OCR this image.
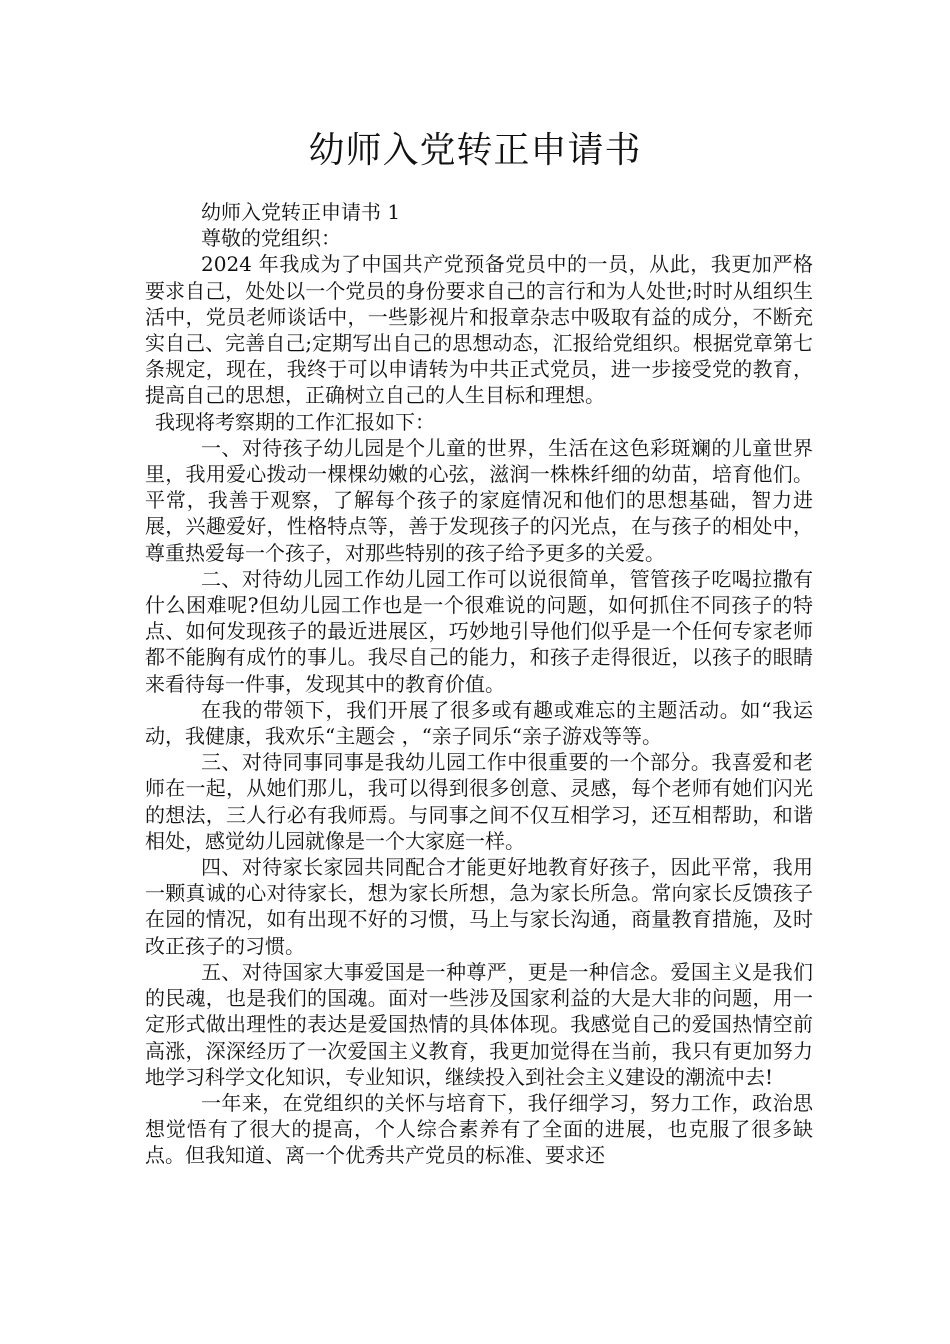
幼师入党转正申请书

幼师入党转正申请书 1

尊敬的党组织：

2024 年我成为了中国共产党预备党员中的一员，从此，我更加严格要求自己，处处以一个党员的身份要求自己的言行和为人处世;时时从组织生活中，党员老师谈话中，一些影视片和报章杂志中吸取有益的成分，不断充实自己、完善自己;定期写出自己的思想动态，汇报给党组织。根据党章第七条规定，现在，我终于可以申请转为中共正式党员，进一步接受党的教育，提高自己的思想，正确树立自己的人生目标和理想。

我现将考察期的工作汇报如下：

一、对待孩子幼儿园是个儿童的世界，生活在这色彩斑斓的儿童世界里，我用爱心拨动一棵棵幼嫩的心弦，滋润一株株纤细的幼苗，培育他们。平常，我善于观察，了解每个孩子的家庭情况和他们的思想基础，智力进展，兴趣爱好，性格特点等，善于发现孩子的闪光点，在与孩子的相处中，尊重热爱每一个孩子，对那些特别的孩子给予更多的关爱。

二、对待幼儿园工作幼儿园工作可以说很简单，管管孩子吃喝拉撒有什么困难呢?但幼儿园工作也是一个很难说的问题，如何抓住不同孩子的特点、如何发现孩子的最近进展区，巧妙地引导他们似乎是一个任何专家老师都不能胸有成竹的事儿。我尽自己的能力，和孩子走得很近，以孩子的眼睛来看待每一件事，发现其中的教育价值。

在我的带领下，我们开展了很多或有趣或难忘的主题活动。如“我运动，我健康，我欢乐“主题会 ，“亲子同乐“亲子游戏等等。

三、对待同事同事是我幼儿园工作中很重要的一个部分。我喜爱和老师在一起，从她们那儿，我可以得到很多创意、灵感，每个老师有她们闪光的想法，三人行必有我师焉。与同事之间不仅互相学习，还互相帮助，和谐相处，感觉幼儿园就像是一个大家庭一样。

四、对待家长家园共同配合才能更好地教育好孩子，因此平常，我用一颗真诚的心对待家长，想为家长所想，急为家长所急。常向家长反馈孩子在园的情况，如有出现不好的习惯，马上与家长沟通，商量教育措施，及时改正孩子的习惯。

五、对待国家大事爱国是一种尊严，更是一种信念。爱国主义是我们的民魂，也是我们的国魂。面对一些涉及国家利益的大是大非的问题，用一定形式做出理性的表达是爱国热情的具体体现。我感觉自己的爱国热情空前高涨，深深经历了一次爱国主义教育，我更加觉得在当前，我只有更加努力地学习科学文化知识，专业知识，继续投入到社会主义建设的潮流中去!

一年来，在党组织的关怀与培育下，我仔细学习，努力工作，政治思想觉悟有了很大的提高，个人综合素养有了全面的进展，也克服了很多缺点。但我知道、离一个优秀共产党员的标准、要求还
